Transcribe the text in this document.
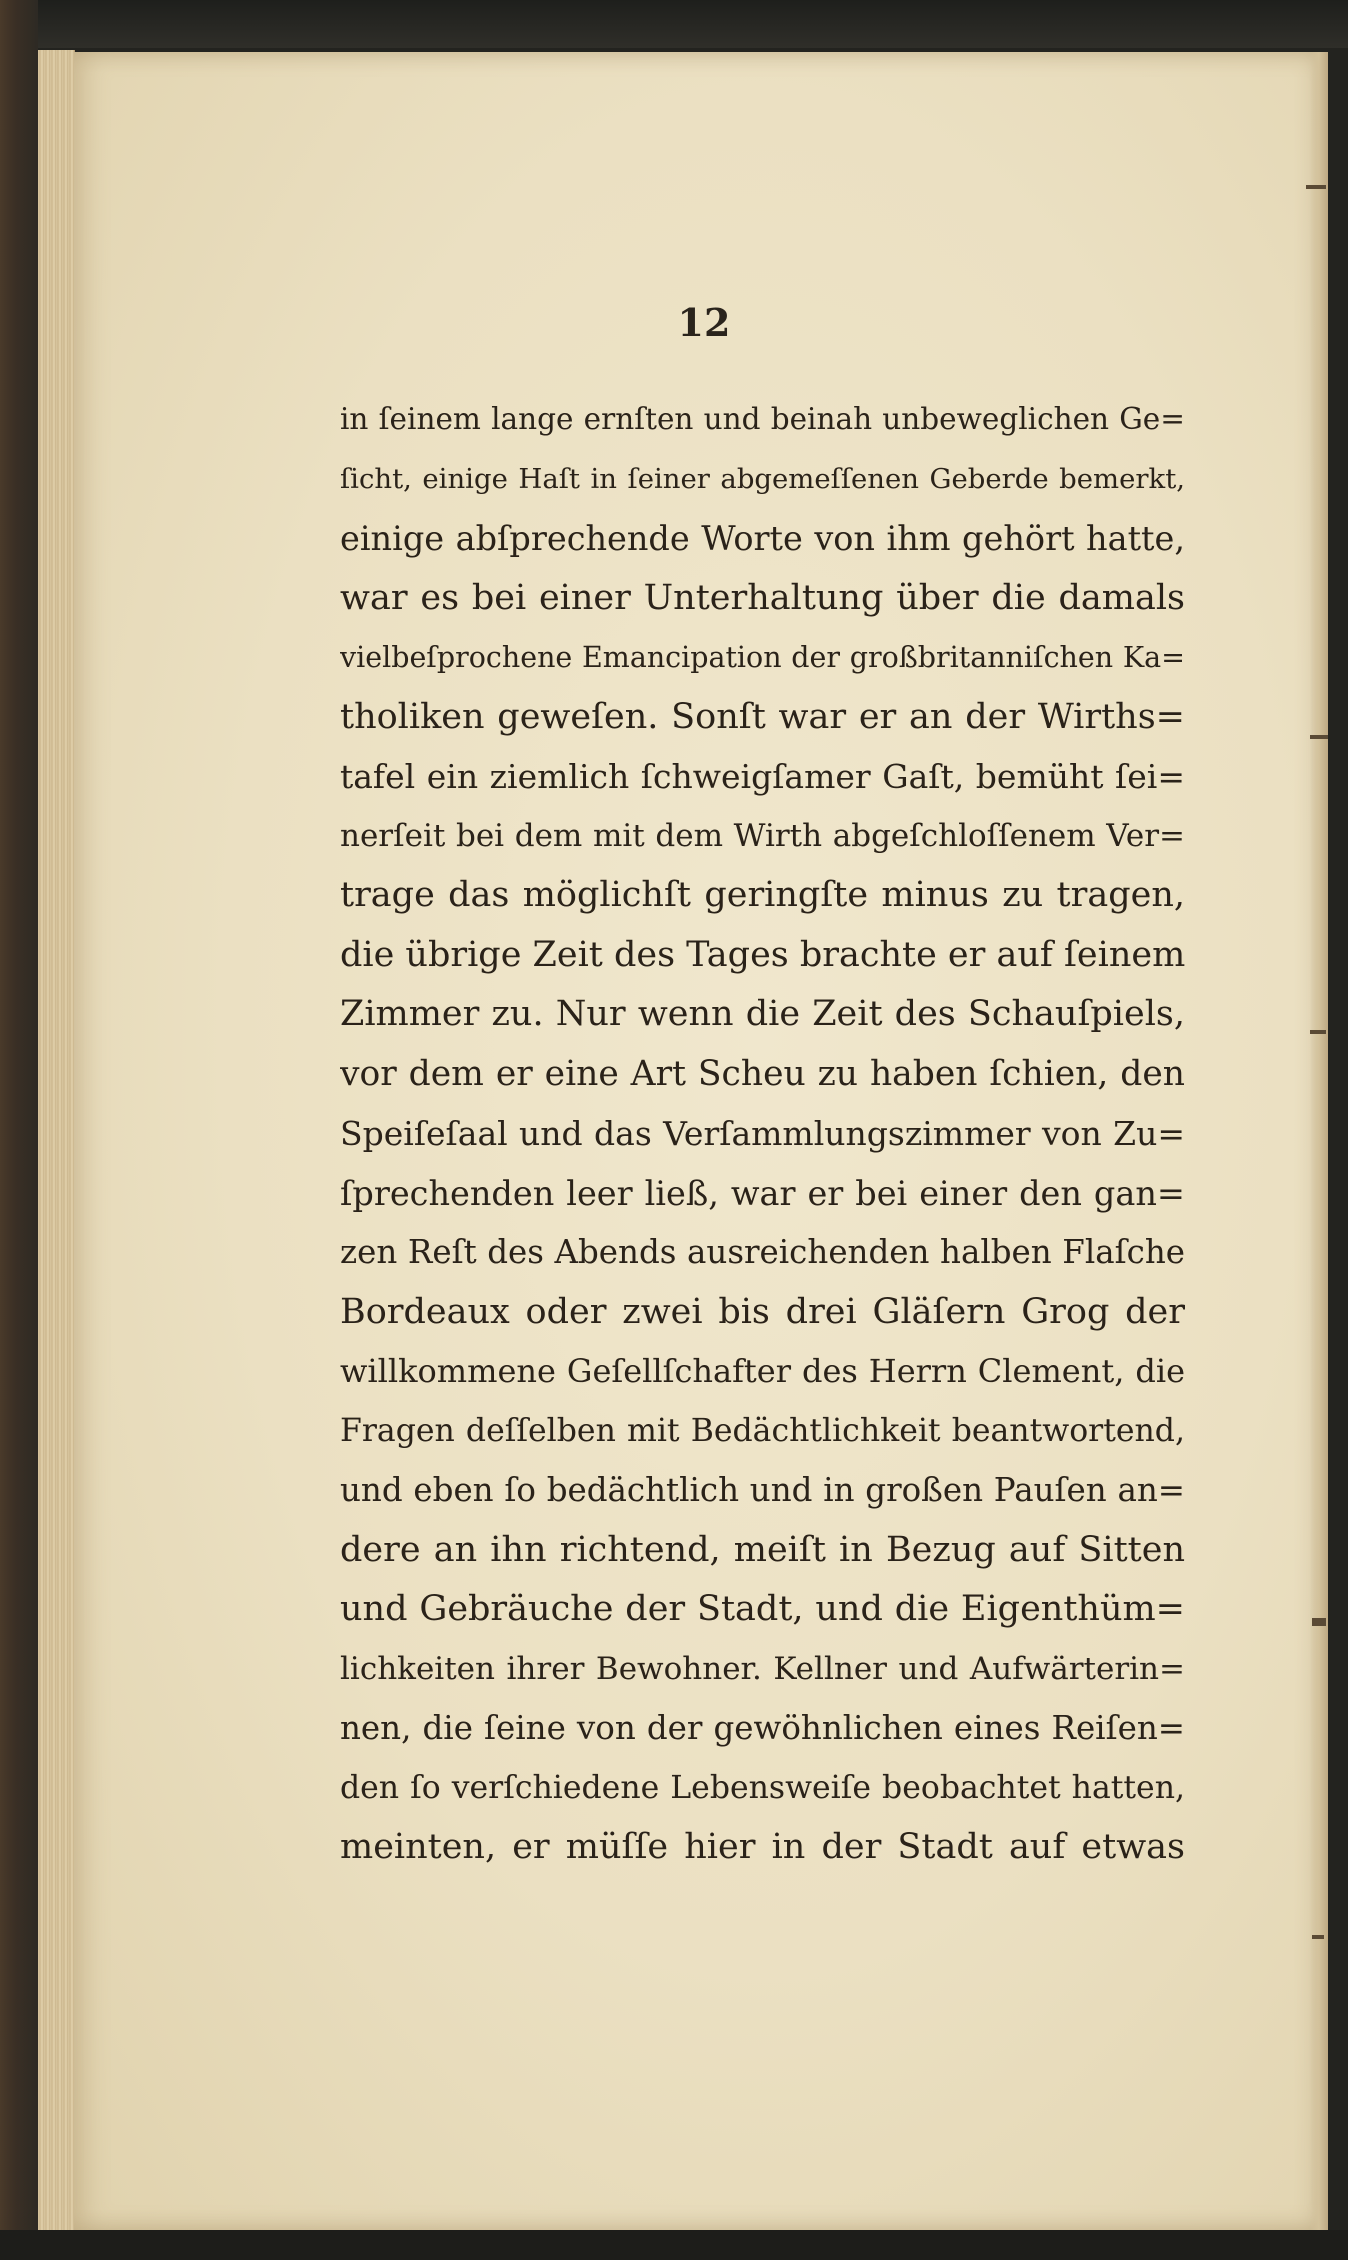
12
in ſeinem lange ernſten und beinah unbeweglichen Ge=
ſicht, einige Haſt in ſeiner abgemeſſenen Geberde bemerkt,
einige abſprechende Worte von ihm gehört hatte,
war es bei einer Unterhaltung über die damals
vielbeſprochene Emancipation der großbritanniſchen Ka=
tholiken geweſen. Sonſt war er an der Wirths=
tafel ein ziemlich ſchweigſamer Gaſt, bemüht ſei=
nerſeit bei dem mit dem Wirth abgeſchloſſenem Ver=
trage das möglichſt geringſte minus zu tragen,
die übrige Zeit des Tages brachte er auf ſeinem
Zimmer zu. Nur wenn die Zeit des Schauſpiels,
vor dem er eine Art Scheu zu haben ſchien, den
Speiſeſaal und das Verſammlungszimmer von Zu=
ſprechenden leer ließ, war er bei einer den gan=
zen Reſt des Abends ausreichenden halben Flaſche
Bordeaux oder zwei bis drei Gläſern Grog der
willkommene Geſellſchafter des Herrn Clement, die
Fragen deſſelben mit Bedächtlichkeit beantwortend,
und eben ſo bedächtlich und in großen Pauſen an=
dere an ihn richtend, meiſt in Bezug auf Sitten
und Gebräuche der Stadt, und die Eigenthüm=
lichkeiten ihrer Bewohner. Kellner und Aufwärterin=
nen, die ſeine von der gewöhnlichen eines Reiſen=
den ſo verſchiedene Lebensweiſe beobachtet hatten,
meinten, er müſſe hier in der Stadt auf etwas
